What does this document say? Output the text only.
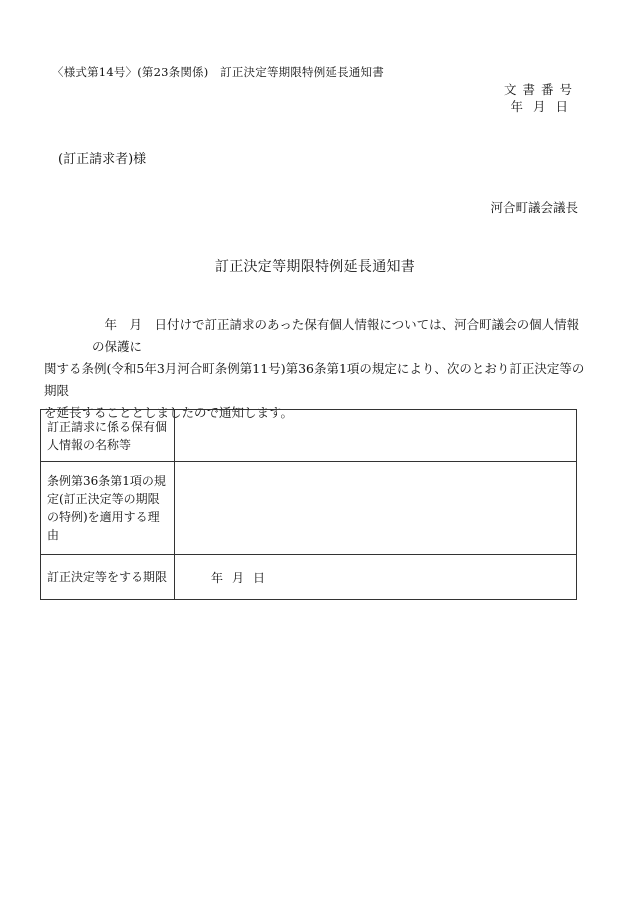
〈様式第14号〉(第23条関係)　訂正決定等期限特例延長通知書
文書番号
年月日
(訂正請求者)様
河合町議会議長
訂正決定等期限特例延長通知書
　年　月　日付けで訂正請求のあった保有個人情報については、河合町議会の個人情報の保護に
関する条例(令和5年3月河合町条例第11号)第36条第1項の規定により、次のとおり訂正決定等の期限
を延長することとしましたので通知します。
訂正請求に係る保有個人情報の名称等	
条例第36条第1項の規定(訂正決定等の期限の特例)を適用する理由	
訂正決定等をする期限	年月日
